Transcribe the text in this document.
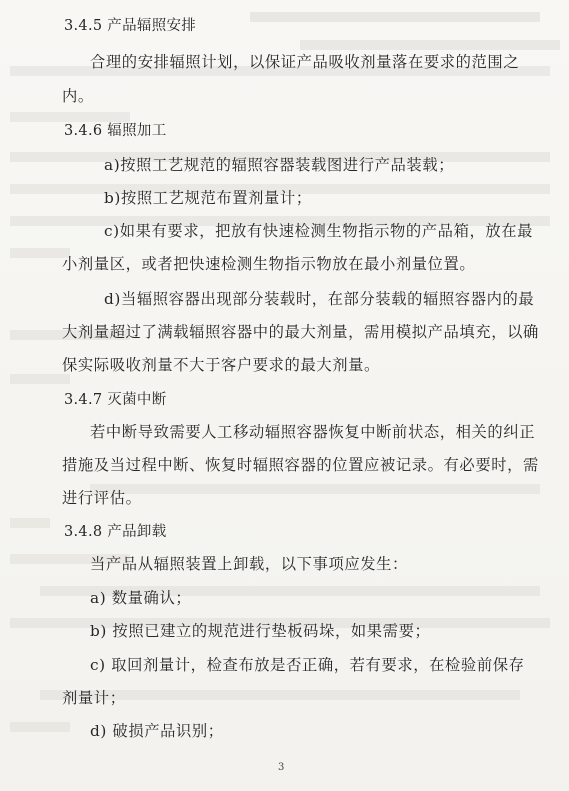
3.4.5 产品辐照安排
合理的安排辐照计划，以保证产品吸收剂量落在要求的范围之
内。
3.4.6 辐照加工
a)按照工艺规范的辐照容器装载图进行产品装载；
b)按照工艺规范布置剂量计；
c)如果有要求，把放有快速检测生物指示物的产品箱，放在最
小剂量区，或者把快速检测生物指示物放在最小剂量位置。
d)当辐照容器出现部分装载时，在部分装载的辐照容器内的最
大剂量超过了满载辐照容器中的最大剂量，需用模拟产品填充，以确
保实际吸收剂量不大于客户要求的最大剂量。
3.4.7 灭菌中断
若中断导致需要人工移动辐照容器恢复中断前状态，相关的纠正
措施及当过程中断、恢复时辐照容器的位置应被记录。有必要时，需
进行评估。
3.4.8 产品卸载
当产品从辐照装置上卸载，以下事项应发生：
a) 数量确认；
b) 按照已建立的规范进行垫板码垛，如果需要；
c) 取回剂量计，检查布放是否正确，若有要求，在检验前保存
剂量计；
d) 破损产品识别；
3
